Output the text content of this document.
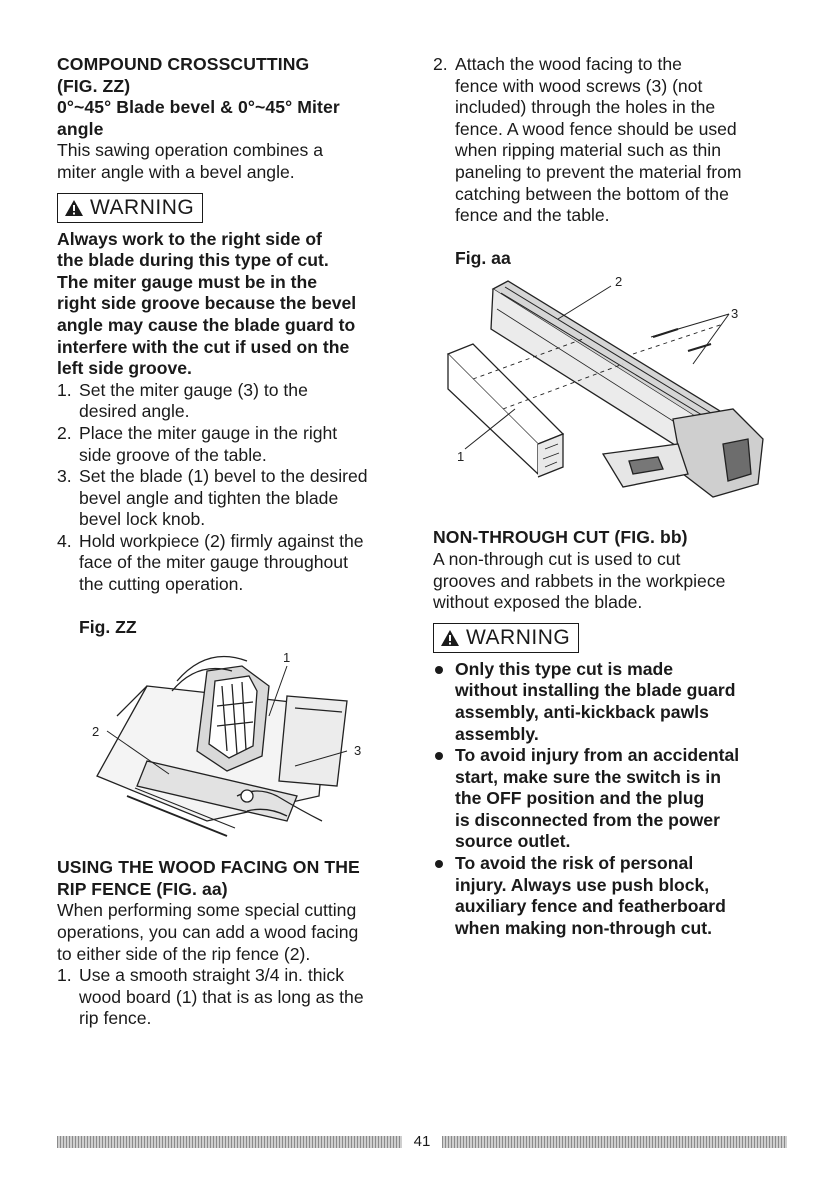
COMPOUND CROSSCUTTING

(FIG. ZZ)

0°~45° Blade bevel & 0°~45° Miter

angle

This sawing operation combines a

miter angle with a bevel angle.

WARNING

Always work to the right side of

the blade during this type of cut.

The miter gauge must be in the

right side groove because the bevel

angle may cause the blade guard to

interfere with the cut if used on the

left side groove.

1. Set the miter gauge (3) to the
desired angle.
2. Place the miter gauge in the right
side groove of the table.
3. Set the blade (1) bevel to the desired
bevel angle and tighten the blade
bevel lock knob.
4. Hold workpiece (2) firmly against the
face of the miter gauge throughout
the cutting operation.

Fig. ZZ

1
2
3

USING THE WOOD FACING ON THE

RIP FENCE (FIG. aa)

When performing some special cutting

operations, you can add a wood facing

to either side of the rip fence (2).

1. Use a smooth straight 3/4 in. thick
wood board (1) that is as long as the
rip fence.
2. Attach the wood facing to the
fence with wood screws (3) (not
included) through the holes in the
fence. A wood fence should be used
when ripping material such as thin
paneling to prevent the material from
catching between the bottom of the
fence and the table.

Fig. aa

2
3
1

NON-THROUGH CUT (FIG. bb)

A non-through cut is used to cut

grooves and rabbets in the workpiece

without exposed the blade.

WARNING
Only this type cut is made
without installing the blade guard
assembly, anti-kickback pawls
assembly.
To avoid injury from an accidental
start, make sure the switch is in
the OFF position and the plug
is disconnected from the power
source outlet.
To avoid the risk of personal
injury. Always use push block,
auxiliary fence and featherboard
when making non-through cut.
41
